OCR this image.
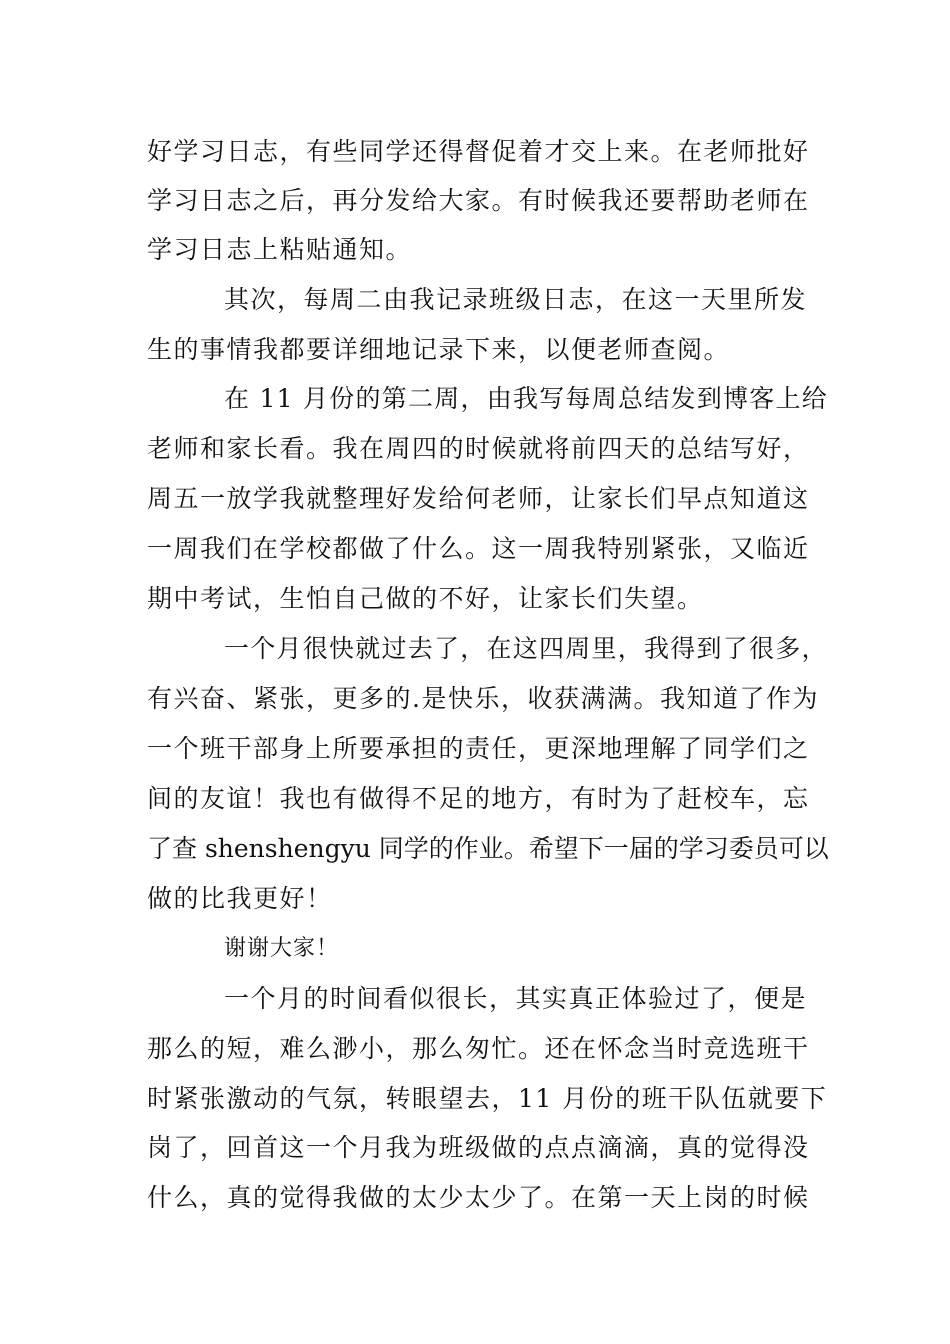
好学习日志，有些同学还得督促着才交上来。在老师批好
学习日志之后，再分发给大家。有时候我还要帮助老师在
学习日志上粘贴通知。
其次，每周二由我记录班级日志，在这一天里所发
生的事情我都要详细地记录下来，以便老师查阅。
在 11 月份的第二周，由我写每周总结发到博客上给
老师和家长看。我在周四的时候就将前四天的总结写好，
周五一放学我就整理好发给何老师，让家长们早点知道这
一周我们在学校都做了什么。这一周我特别紧张，又临近
期中考试，生怕自己做的不好，让家长们失望。
一个月很快就过去了，在这四周里，我得到了很多，
有兴奋、紧张，更多的.是快乐，收获满满。我知道了作为
一个班干部身上所要承担的责任，更深地理解了同学们之
间的友谊！我也有做得不足的地方，有时为了赶校车，忘
了查 shenshengyu 同学的作业。希望下一届的学习委员可以
做的比我更好！
谢谢大家！
一个月的时间看似很长，其实真正体验过了，便是
那么的短，难么渺小，那么匆忙。还在怀念当时竞选班干
时紧张激动的气氛，转眼望去，11 月份的班干队伍就要下
岗了，回首这一个月我为班级做的点点滴滴，真的觉得没
什么，真的觉得我做的太少太少了。在第一天上岗的时候
